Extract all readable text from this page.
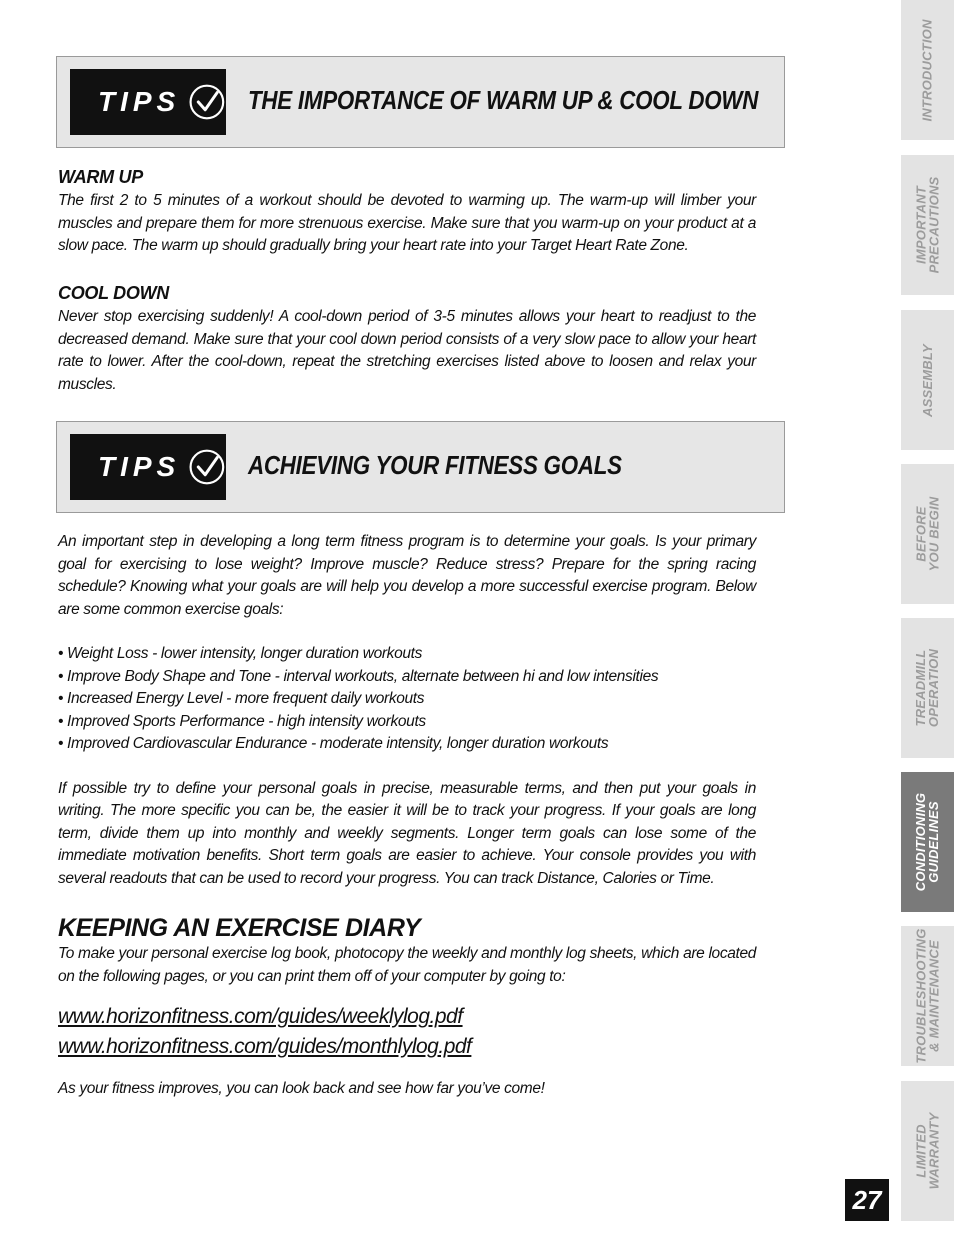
TIPS	THE IMPORTANCE OF WARM UP & COOL DOWN
WARM UP

The first 2 to 5 minutes of a workout should be devoted to warming up. The warm-up will limber your muscles and prepare them for more strenuous exercise. Make sure that you warm-up on your product at a slow pace. The warm up should gradually bring your heart rate into your Target Heart Rate Zone.

COOL DOWN

Never stop exercising suddenly! A cool-down period of 3-5 minutes allows your heart to readjust to the decreased demand. Make sure that your cool down period consists of a very slow pace to allow your heart rate to lower. After the cool-down, repeat the stretching exercises listed above to loosen and relax your muscles.

TIPS	ACHIEVING YOUR FITNESS GOALS

An important step in developing a long term fitness program is to determine your goals. Is your primary goal for exercising to lose weight? Improve muscle? Reduce stress? Prepare for the spring racing schedule? Knowing what your goals are will help you develop a more successful exercise program. Below are some common exercise goals:

• Weight Loss - lower intensity, longer duration workouts
• Improve Body Shape and Tone - interval workouts, alternate between hi and low intensities
• Increased Energy Level - more frequent daily workouts
• Improved Sports Performance - high intensity workouts
• Improved Cardiovascular Endurance - moderate intensity, longer duration workouts

If possible try to define your personal goals in precise, measurable terms, and then put your goals in writing. The more specific you can be, the easier it will be to track your progress. If your goals are long term, divide them up into monthly and weekly segments. Longer term goals can lose some of the immediate motivation benefits. Short term goals are easier to achieve. Your console provides you with several readouts that can be used to record your progress. You can track Distance, Calories or Time.

KEEPING AN EXERCISE DIARY

To make your personal exercise log book, photocopy the weekly and monthly log sheets, which are located on the following pages, or you can print them off of your computer by going to:

www.horizonfitness.com/guides/weeklylog.pdf
www.horizonfitness.com/guides/monthlylog.pdf

As your fitness improves, you can look back and see how far you’ve come!

INTRODUCTION
IMPORTANT
PRECAUTIONS
ASSEMBLY
BEFORE
YOU BEGIN
TREADMILL
OPERATION
CONDITIONING
GUIDELINES
TROUBLESHOOTING
& MAINTENANCE
LIMITED
WARRANTY
27
